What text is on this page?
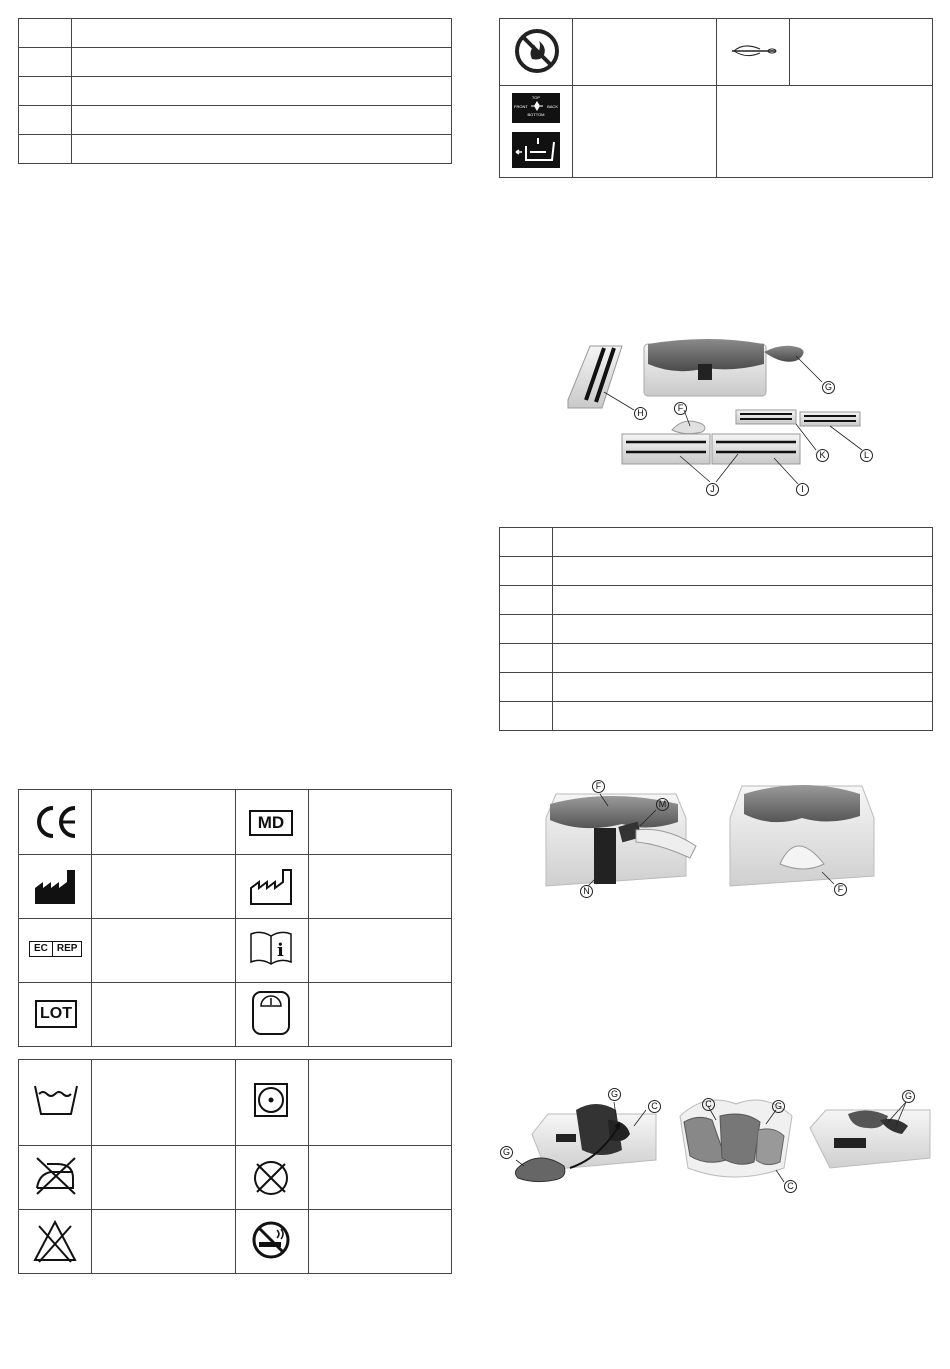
TOP
FRONT	BACK
BOTTOM
G
H	F
K	L
J	I

F
M
N	F
MD
EC REP	i
LOT
G
C
G
C	G
C
G
